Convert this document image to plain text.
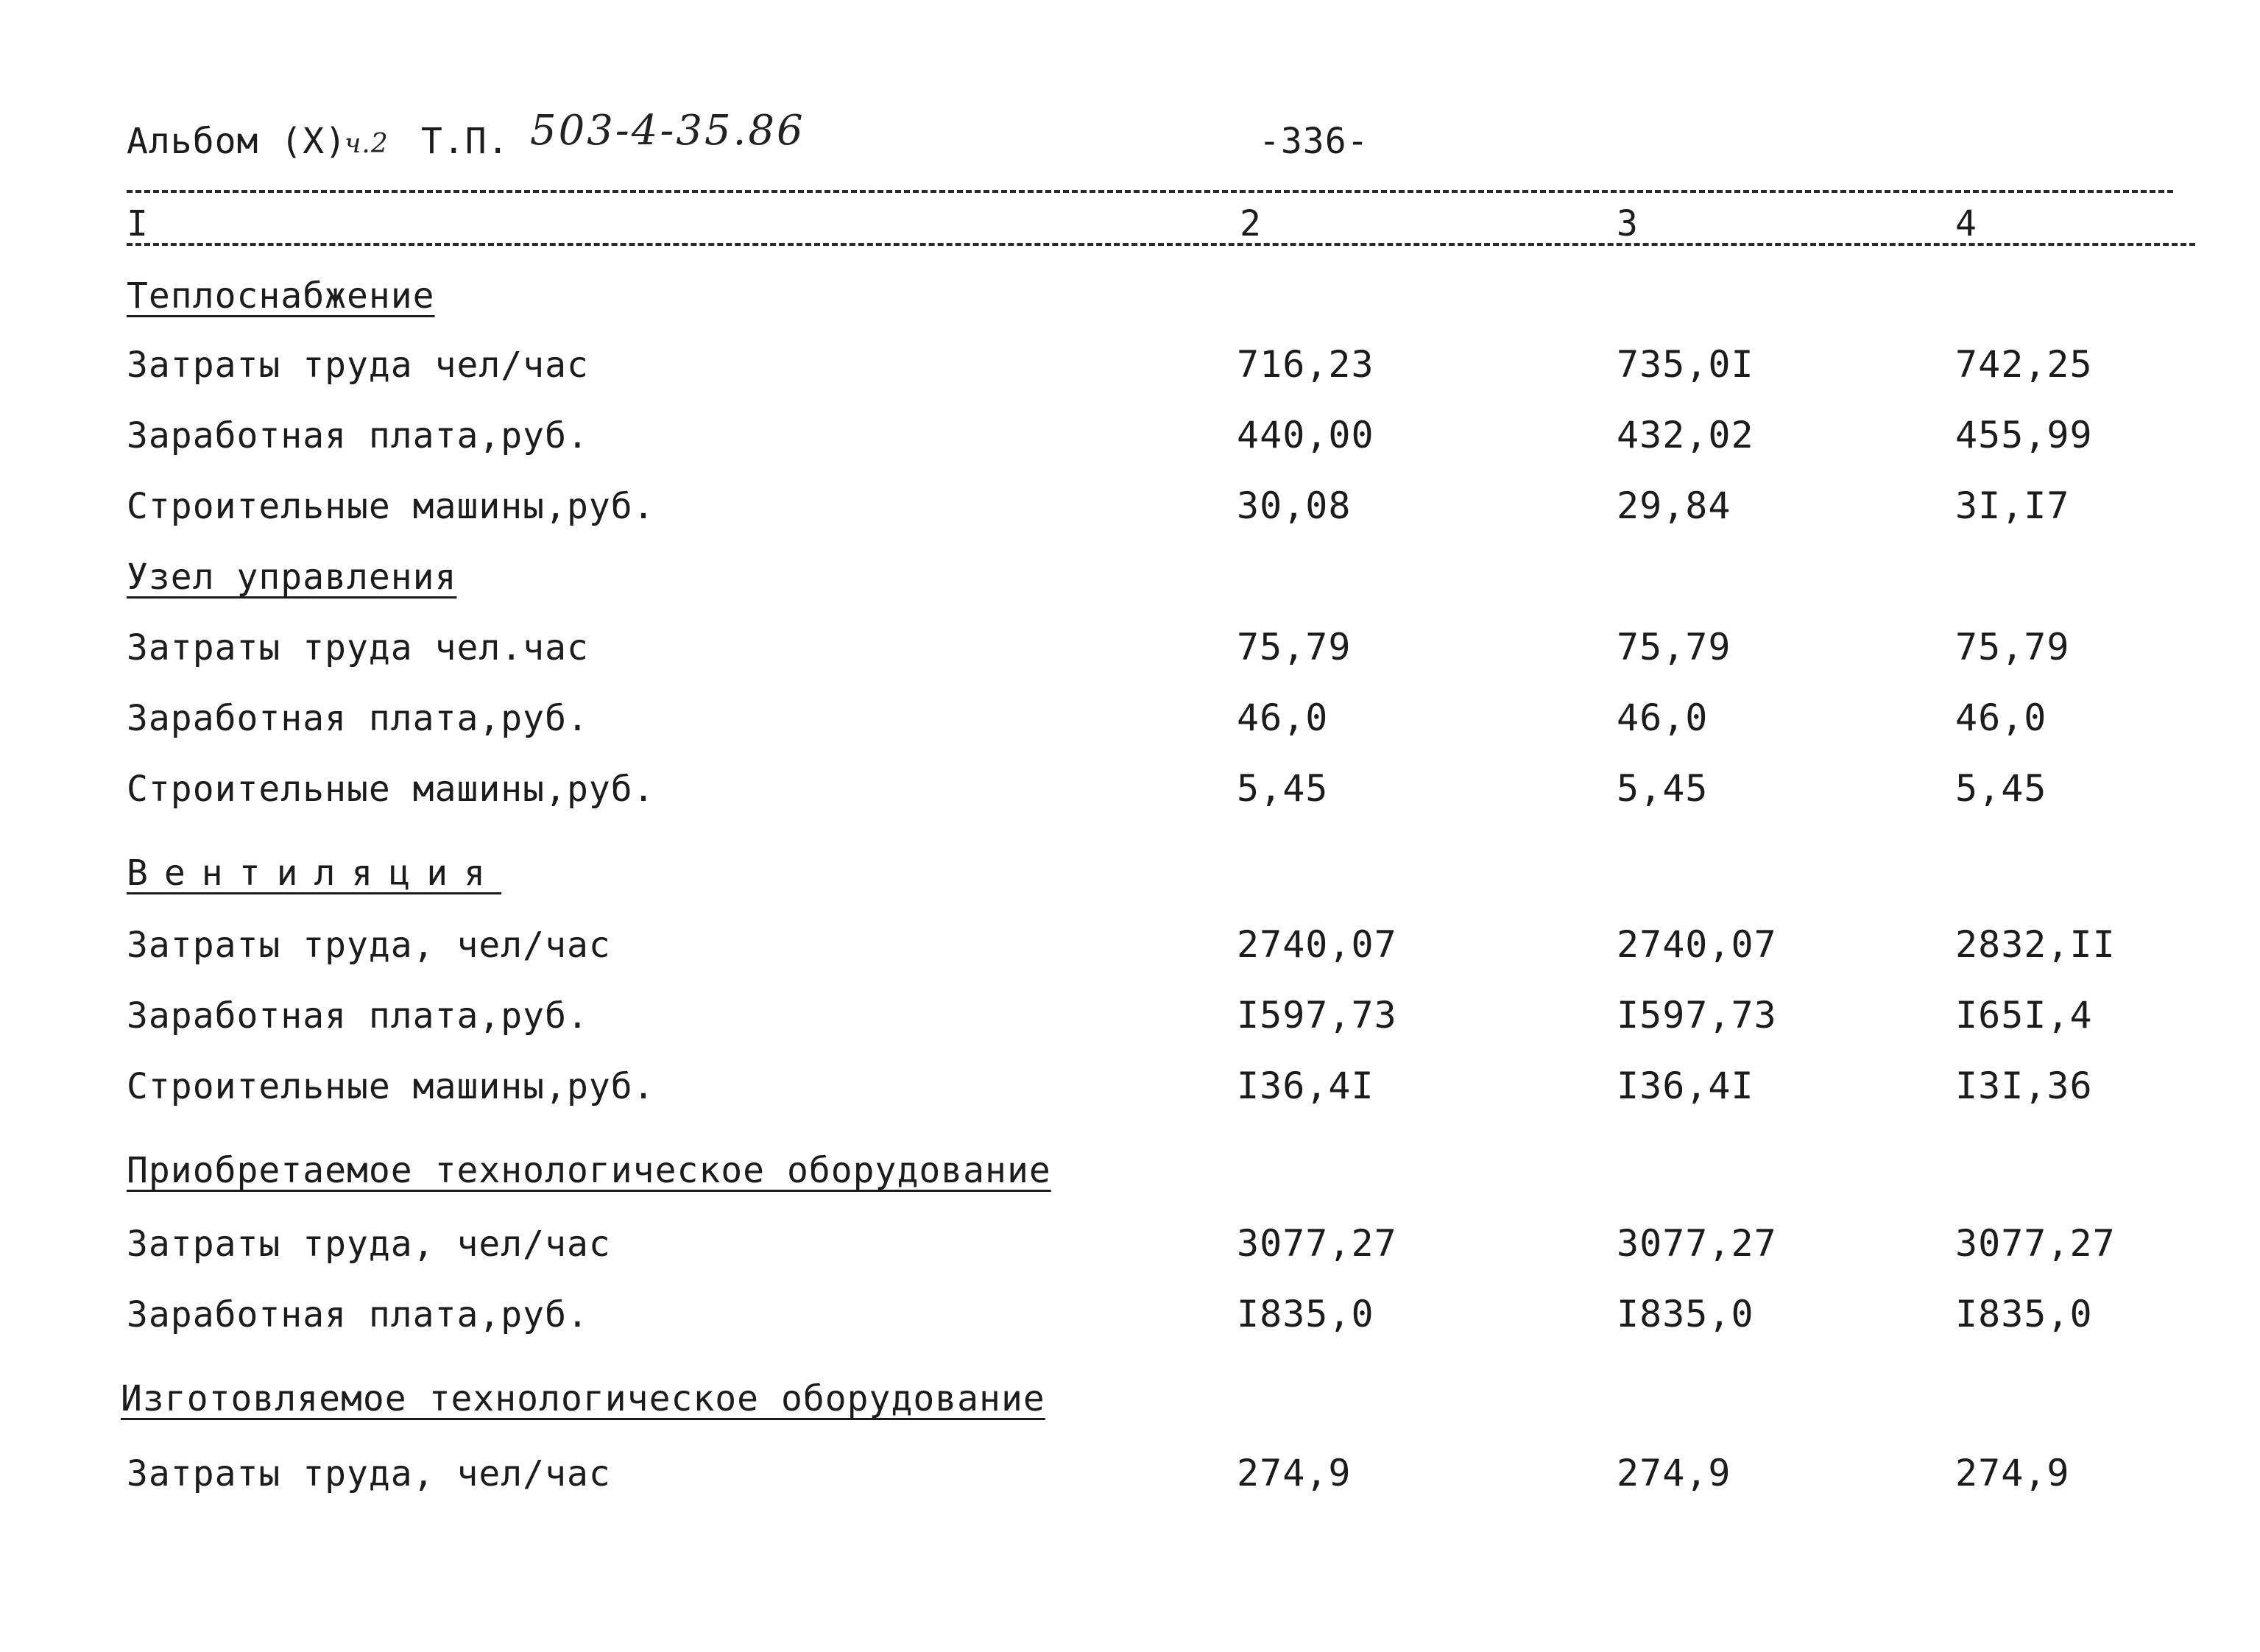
Альбом (Х)
ч.2 Т.П. 503-4-35.86	-336-
I	2	3	4
Теплоснабжение
Затраты труда чел/час	716,23	735,0I	742,25
Заработная плата,руб.	440,00	432,02	455,99
Строительные машины,руб.	30,08	29,84	3I,I7
Узел управления
Затраты труда чел.час	75,79	75,79	75,79
Заработная плата,руб.	46,0	46,0	46,0
Строительные машины,руб.	5,45	5,45	5,45
Вентиляция
Затраты труда, чел/час	2740,07	2740,07	2832,II
Заработная плата,руб.	I597,73	I597,73	I65I,4
Строительные машины,руб.	I36,4I	I36,4I	I3I,36
Приобретаемое технологическое оборудование
Затраты труда, чел/час	3077,27	3077,27	3077,27
Заработная плата,руб.	I835,0	I835,0	I835,0
Изготовляемое технологическое оборудование
Затраты труда, чел/час	274,9	274,9	274,9
